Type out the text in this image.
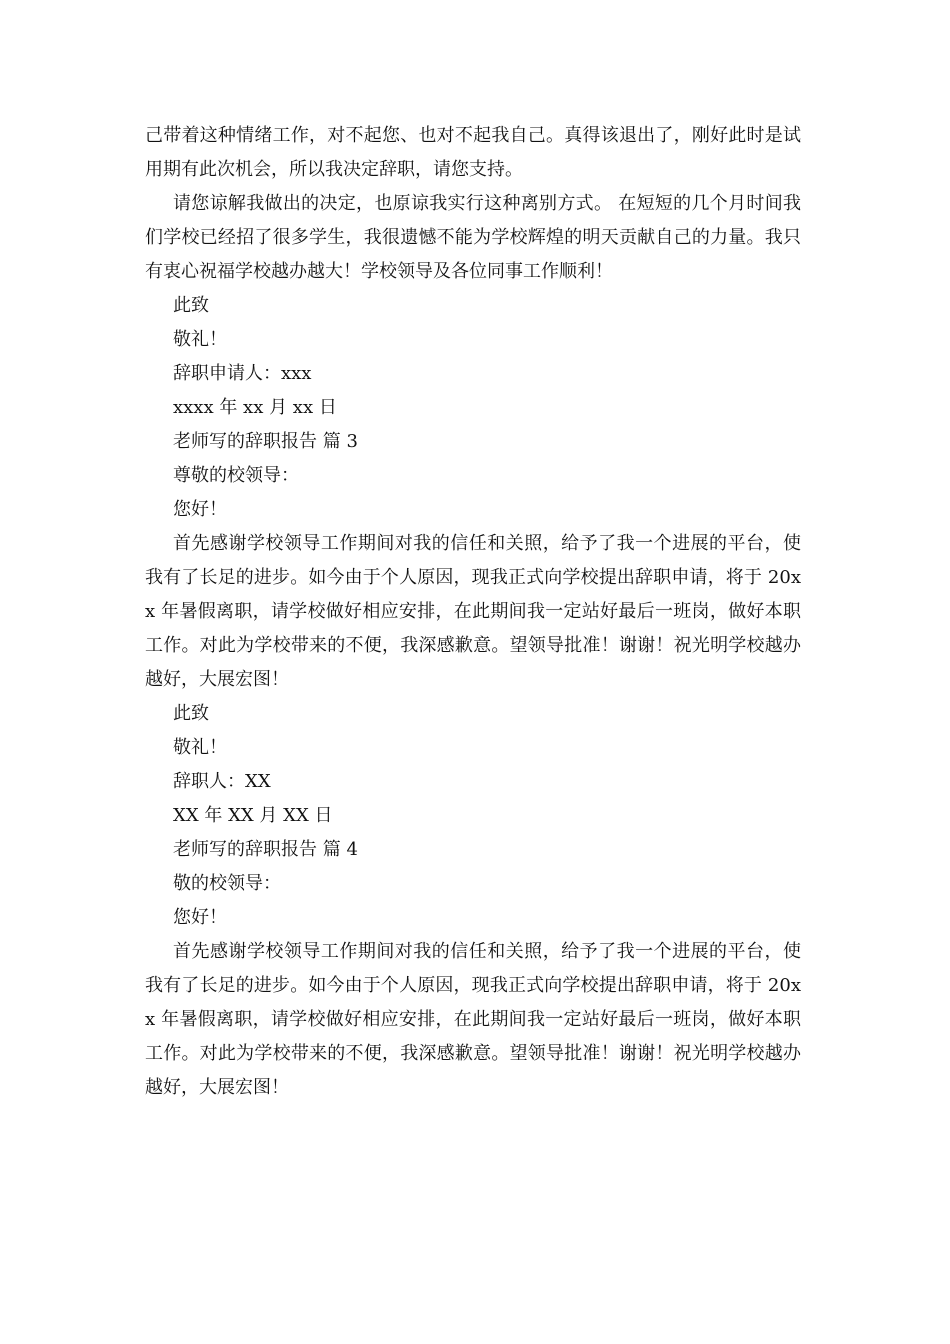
己带着这种情绪工作，对不起您、也对不起我自己。真得该退出了，刚好此时是试用期有此次机会，所以我决定辞职，请您支持。

请您谅解我做出的决定，也原谅我实行这种离别方式。 在短短的几个月时间我们学校已经招了很多学生，我很遗憾不能为学校辉煌的明天贡献自己的力量。我只有衷心祝福学校越办越大！学校领导及各位同事工作顺利！

此致

敬礼！

辞职申请人：xxx

xxxx 年 xx 月 xx 日

老师写的辞职报告 篇 3

尊敬的校领导：

您好！

首先感谢学校领导工作期间对我的信任和关照，给予了我一个进展的平台，使我有了长足的进步。如今由于个人原因，现我正式向学校提出辞职申请，将于 20xx 年暑假离职，请学校做好相应安排，在此期间我一定站好最后一班岗，做好本职工作。对此为学校带来的不便，我深感歉意。望领导批准！谢谢！祝光明学校越办越好，大展宏图！

此致

敬礼！

辞职人：XX

XX 年 XX 月 XX 日

老师写的辞职报告 篇 4

敬的校领导：

您好！

首先感谢学校领导工作期间对我的信任和关照，给予了我一个进展的平台，使我有了长足的进步。如今由于个人原因，现我正式向学校提出辞职申请，将于 20xx 年暑假离职，请学校做好相应安排，在此期间我一定站好最后一班岗，做好本职工作。对此为学校带来的不便，我深感歉意。望领导批准！谢谢！祝光明学校越办越好，大展宏图！
